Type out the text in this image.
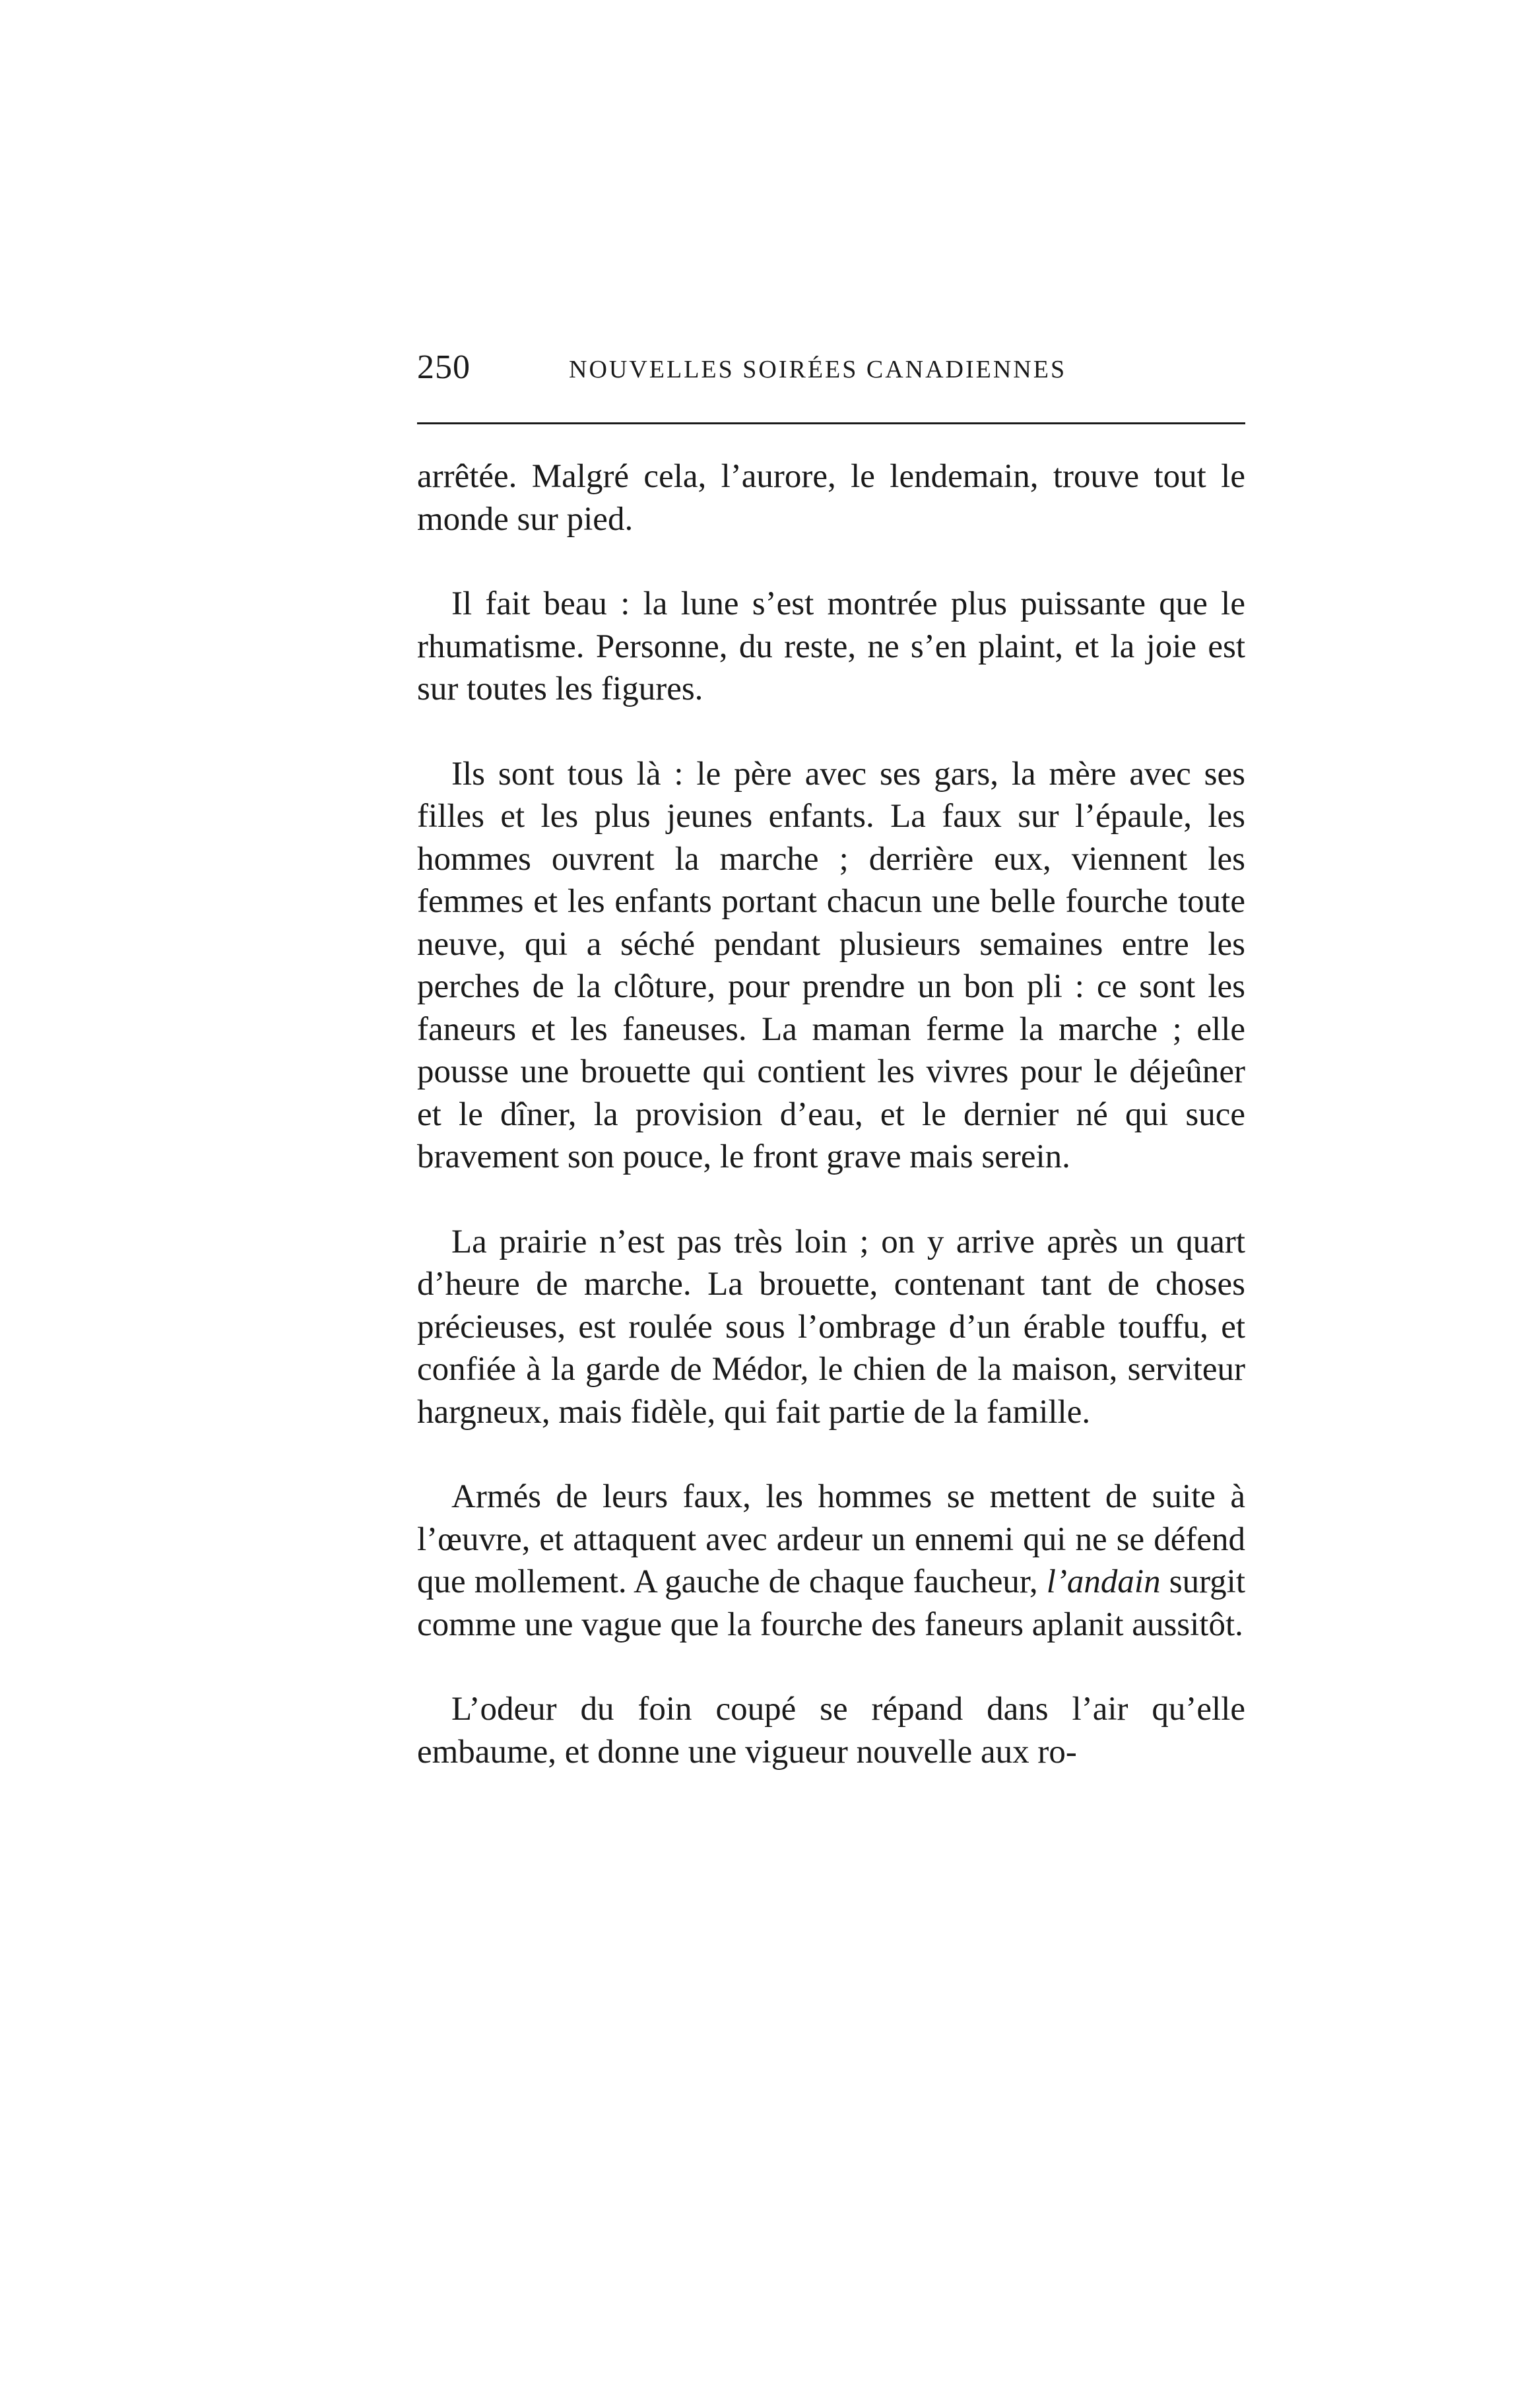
250	NOUVELLES SOIRÉES CANADIENNES

arrêtée. Malgré cela, l’aurore, le lendemain, trouve tout le monde sur pied.

Il fait beau : la lune s’est montrée plus puissante que le rhumatisme. Personne, du reste, ne s’en plaint, et la joie est sur toutes les figures.

Ils sont tous là : le père avec ses gars, la mère avec ses filles et les plus jeunes enfants. La faux sur l’épaule, les hommes ouvrent la marche ; derrière eux, viennent les femmes et les enfants portant chacun une belle fourche toute neuve, qui a séché pendant plusieurs semaines entre les perches de la clôture, pour prendre un bon pli : ce sont les faneurs et les faneuses. La maman ferme la marche ; elle pousse une brouette qui contient les vivres pour le déjeûner et le dîner, la provision d’eau, et le dernier né qui suce bravement son pouce, le front grave mais serein.

La prairie n’est pas très loin ; on y arrive après un quart d’heure de marche. La brouette, contenant tant de choses précieuses, est roulée sous l’ombrage d’un érable touffu, et confiée à la garde de Médor, le chien de la maison, serviteur hargneux, mais fidèle, qui fait partie de la famille.

Armés de leurs faux, les hommes se mettent de suite à l’œuvre, et attaquent avec ardeur un ennemi qui ne se défend que mollement. A gauche de chaque faucheur, l’andain surgit comme une vague que la fourche des faneurs aplanit aussitôt.

L’odeur du foin coupé se répand dans l’air qu’elle embaume, et donne une vigueur nouvelle aux ro-
